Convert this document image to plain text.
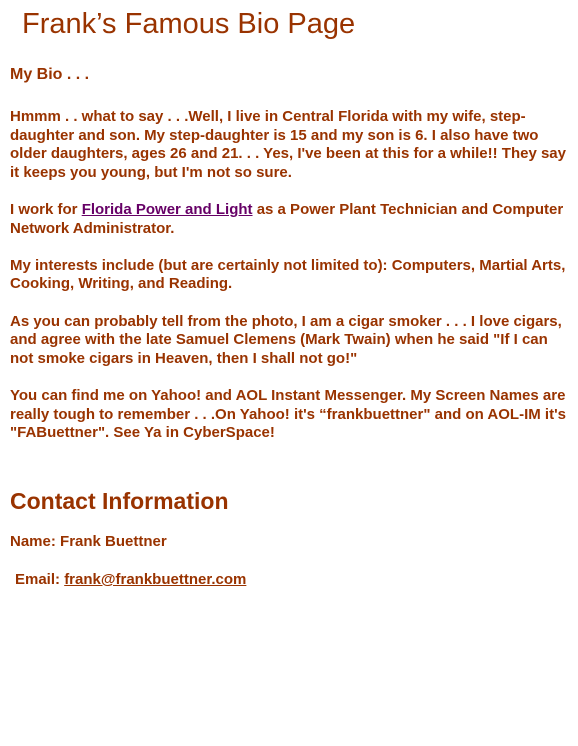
Frank’s Famous Bio Page
My Bio . . .

Hmmm . . what to say . . .Well, I live in Central Florida with my wife, step-daughter and son. My step-daughter is 15 and my son is 6. I also have two older daughters, ages 26 and 21. . . Yes, I've been at this for a while!! They say it keeps you young, but I'm not so sure.

I work for Florida Power and Light as a Power Plant Technician and Computer Network Administrator.

My interests include (but are certainly not limited to): Computers, Martial Arts, Cooking, Writing, and Reading.

As you can probably tell from the photo, I am a cigar smoker . . . I love cigars, and agree with the late Samuel Clemens (Mark Twain) when he said "If I can not smoke cigars in Heaven, then I shall not go!"

You can find me on Yahoo! and AOL Instant Messenger. My Screen Names are really tough to remember . . .On Yahoo! it's “frankbuettner" and on AOL-IM it's "FABuettner". See Ya in CyberSpace!

Contact Information
Name: Frank Buettner
Email: frank@frankbuettner.com
